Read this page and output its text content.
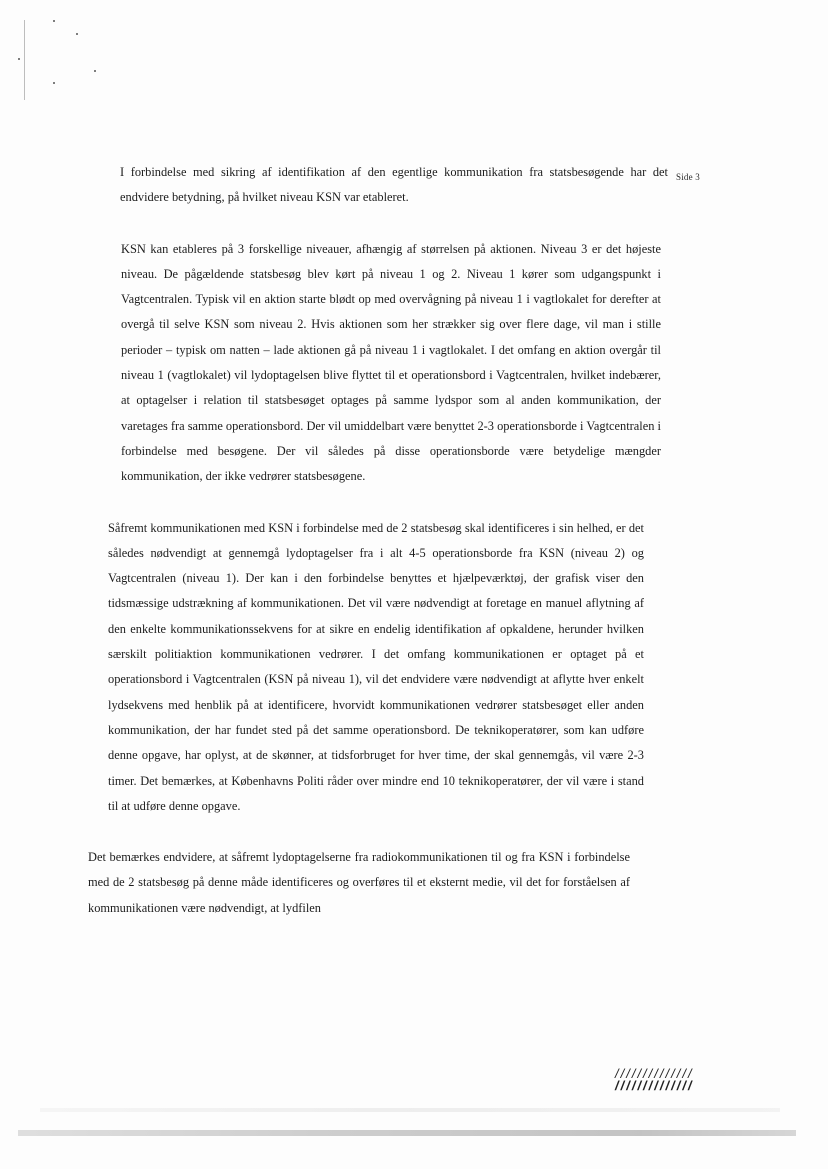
Side 3

I forbindelse med sikring af identifikation af den egentlige kommunikation fra statsbesøgende har det endvidere betydning, på hvilket niveau KSN var etableret.

KSN kan etableres på 3 forskellige niveauer, afhængig af størrelsen på aktionen. Niveau 3 er det højeste niveau. De pågældende statsbesøg blev kørt på niveau 1 og 2. Niveau 1 kører som udgangspunkt i Vagtcentralen. Typisk vil en aktion starte blødt op med overvågning på niveau 1 i vagtlokalet for derefter at overgå til selve KSN som niveau 2. Hvis aktionen som her strækker sig over flere dage, vil man i stille perioder – typisk om natten – lade aktionen gå på niveau 1 i vagtlokalet. I det omfang en aktion overgår til niveau 1 (vagtlokalet) vil lydoptagelsen blive flyttet til et operationsbord i Vagtcentralen, hvilket indebærer, at optagelser i relation til statsbesøget optages på samme lydspor som al anden kommunikation, der varetages fra samme operationsbord. Der vil umiddelbart være benyttet 2-3 operationsborde i Vagtcentralen i forbindelse med besøgene. Der vil således på disse operationsborde være betydelige mængder kommunikation, der ikke vedrører statsbesøgene.

Såfremt kommunikationen med KSN i forbindelse med de 2 statsbesøg skal identificeres i sin helhed, er det således nødvendigt at gennemgå lydoptagelser fra i alt 4-5 operationsborde fra KSN (niveau 2) og Vagtcentralen (niveau 1). Der kan i den forbindelse benyttes et hjælpeværktøj, der grafisk viser den tidsmæssige udstrækning af kommunikationen. Det vil være nødvendigt at foretage en manuel aflytning af den enkelte kommunikationssekvens for at sikre en endelig identifikation af opkaldene, herunder hvilken særskilt politiaktion kommunikationen vedrører. I det omfang kommunikationen er optaget på et operationsbord i Vagtcentralen (KSN på niveau 1), vil det endvidere være nødvendigt at aflytte hver enkelt lydsekvens med henblik på at identificere, hvorvidt kommunikationen vedrører statsbesøget eller anden kommunikation, der har fundet sted på det samme operationsbord. De teknikoperatører, som kan udføre denne opgave, har oplyst, at de skønner, at tidsforbruget for hver time, der skal gennemgås, vil være 2-3 timer. Det bemærkes, at Københavns Politi råder over mindre end 10 teknikoperatører, der vil være i stand til at udføre denne opgave.

Det bemærkes endvidere, at såfremt lydoptagelserne fra radiokommunikationen til og fra KSN i forbindelse med de 2 statsbesøg på denne måde identificeres og overføres til et eksternt medie, vil det for forståelsen af kommunikationen være nødvendigt, at lydfilen

//////////////
//////////////
